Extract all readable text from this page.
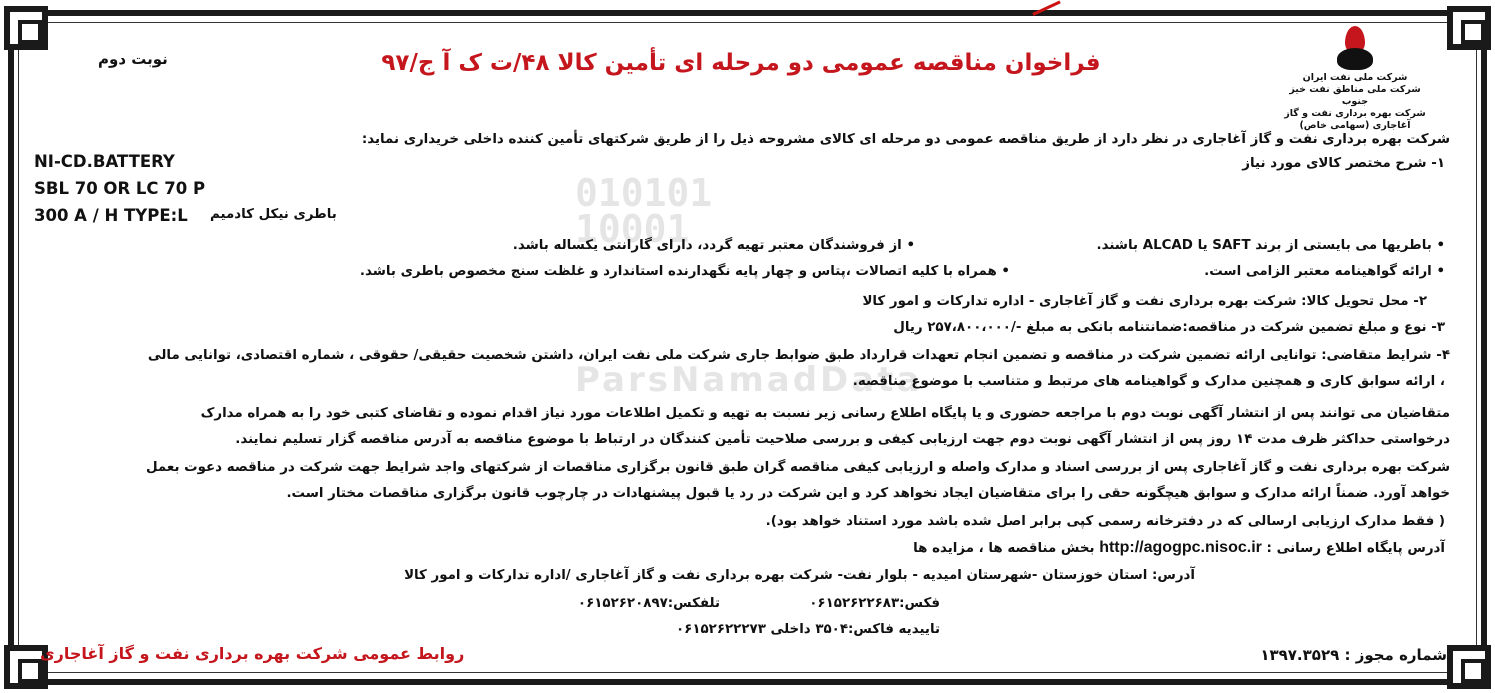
010101
10001
ParsNamadData
شرکت ملی نفت ایران
شرکت ملی مناطق نفت خیز جنوب
شرکت بهره برداری نفت و گاز آغاجاری (سهامی خاص)
نوبت دوم	فراخوان مناقصه عمومی دو مرحله ای تأمین کالا ۴۸/ت ک آ ج/۹۷
شرکت بهره برداری نفت و گاز آغاجاری در نظر دارد از طریق مناقصه عمومی دو مرحله ای کالای مشروحه ذیل را از طریق شرکتهای تأمین کننده داخلی خریداری نماید:
۱- شرح مختصر کالای مورد نیاز
NI-CD.BATTERY
SBL 70 OR LC 70 P
300 A / H TYPE:L باطری نیکل کادمیم
• باطریها می بایستی از برند SAFT یا ALCAD باشند.
• از فروشندگان معتبر تهیه گردد، دارای گارانتی یکساله باشد.
• ارائه گواهینامه معتبر الزامی است.
• همراه با کلیه اتصالات ،پتاس و چهار پایه نگهدارنده استاندارد و غلظت سنج مخصوص باطری باشد.
۲- محل تحویل کالا: شرکت بهره برداری نفت و گاز آغاجاری - اداره تدارکات و امور کالا
۳- نوع و مبلغ تضمین شرکت در مناقصه:ضمانتنامه بانکی به مبلغ -/۲۵۷،۸۰۰،۰۰۰ ریال
۴- شرایط متقاضی: توانایی ارائه تضمین شرکت در مناقصه و تضمین انجام تعهدات قرارداد طبق ضوابط جاری شرکت ملی نفت ایران، داشتن شخصیت حقیقی/ حقوقی ، شماره اقتصادی، توانایی مالی
، ارائه سوابق کاری و همچنین مدارک و گواهینامه های مرتبط و متناسب با موضوع مناقصه.
متقاضیان می توانند پس از انتشار آگهی نوبت دوم با مراجعه حضوری و یا پایگاه اطلاع رسانی زیر نسبت به تهیه و تکمیل اطلاعات مورد نیاز اقدام نموده و تقاضای کتبی خود را به همراه مدارک
درخواستی حداکثر ظرف مدت ۱۴ روز پس از انتشار آگهی نوبت دوم جهت ارزیابی کیفی و بررسی صلاحیت تأمین کنندگان در ارتباط با موضوع مناقصه به آدرس مناقصه گزار تسلیم نمایند.
شرکت بهره برداری نفت و گاز آغاجاری پس از بررسی اسناد و مدارک واصله و ارزیابی کیفی مناقصه گران طبق قانون برگزاری مناقصات از شرکتهای واجد شرایط جهت شرکت در مناقصه دعوت بعمل
خواهد آورد. ضمناً ارائه مدارک و سوابق هیچگونه حقی را برای متقاضیان ایجاد نخواهد کرد و این شرکت در رد یا قبول پیشنهادات در چارچوب قانون برگزاری مناقصات مختار است.
( فقط مدارک ارزیابی ارسالی که در دفترخانه رسمی کپی برابر اصل شده باشد مورد استناد خواهد بود).
آدرس پایگاه اطلاع رسانی : http://agogpc.nisoc.ir بخش مناقصه ها ، مزایده ها
آدرس: استان خوزستان -شهرستان امیدیه - بلوار نفت- شرکت بهره برداری نفت و گاز آغاجاری /اداره تدارکات و امور کالا
فکس:۰۶۱۵۲۶۲۲۶۸۳
تلفکس:۰۶۱۵۲۶۲۰۸۹۷
تاییدیه فاکس:۳۵۰۴ داخلی ۰۶۱۵۲۶۲۲۲۷۳
روابط عمومی شرکت بهره برداری نفت و گاز آغاجاری	شماره مجوز : ۱۳۹۷.۳۵۲۹
